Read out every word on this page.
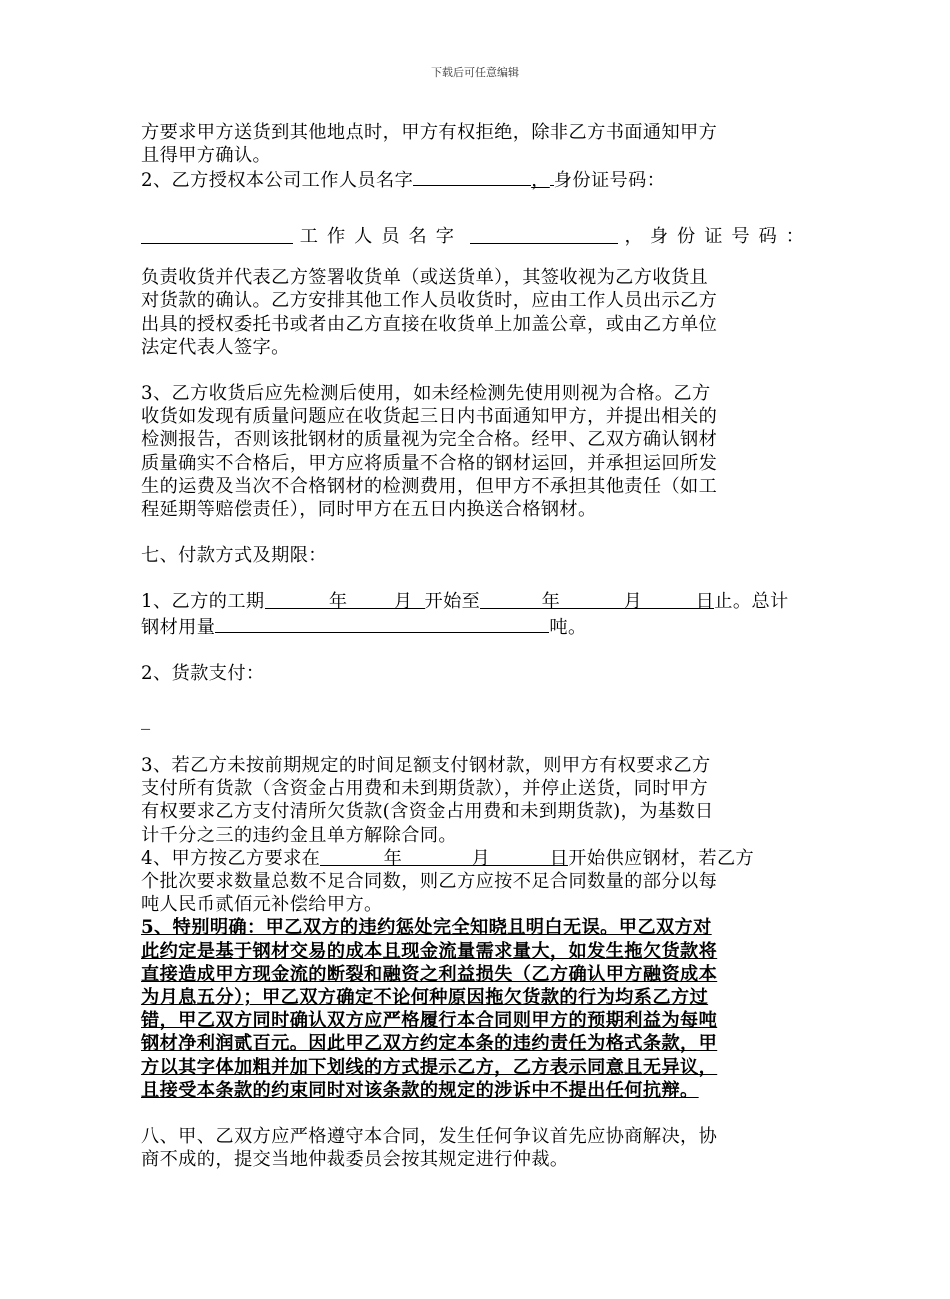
下载后可任意编辑

方要求甲方送货到其他地点时，甲方有权拒绝，除非乙方书面通知甲方

且得甲方确认。

2、乙方授权本公司工作人员名字	， 身份证号码：

工作人员名字	， 身份证号码：

负责收货并代表乙方签署收货单（或送货单），其签收视为乙方收货且

对货款的确认。乙方安排其他工作人员收货时，应由工作人员出示乙方

出具的授权委托书或者由乙方直接在收货单上加盖公章，或由乙方单位

法定代表人签字。

3、乙方收货后应先检测后使用，如未经检测先使用则视为合格。乙方

收货如发现有质量问题应在收货起三日内书面通知甲方，并提出相关的

检测报告，否则该批钢材的质量视为完全合格。经甲、乙双方确认钢材

质量确实不合格后，甲方应将质量不合格的钢材运回，并承担运回所发

生的运费及当次不合格钢材的检测费用，但甲方不承担其他责任（如工

程延期等赔偿责任），同时甲方在五日内换送合格钢材。

七、付款方式及期限：

1、乙方的工期	年	月 开始至	年	月	日止。总计

钢材用量	吨。

2、货款支付：

_

3、若乙方未按前期规定的时间足额支付钢材款，则甲方有权要求乙方

支付所有货款（含资金占用费和未到期货款），并停止送货，同时甲方

有权要求乙方支付清所欠货款(含资金占用费和未到期货款)，为基数日

计千分之三的违约金且单方解除合同。

4、甲方按乙方要求在	年	月	日开始供应钢材，若乙方

个批次要求数量总数不足合同数，则乙方应按不足合同数量的部分以每

吨人民币贰佰元补偿给甲方。

5、特别明确：甲乙双方的违约惩处完全知晓且明白无误。甲乙双方对

此约定是基于钢材交易的成本且现金流量需求量大，如发生拖欠货款将

直接造成甲方现金流的断裂和融资之利益损失（乙方确认甲方融资成本

为月息五分）；甲乙双方确定不论何种原因拖欠货款的行为均系乙方过

错，甲乙双方同时确认双方应严格履行本合同则甲方的预期利益为每吨

钢材净利润贰百元。因此甲乙双方约定本条的违约责任为格式条款，甲

方以其字体加粗并加下划线的方式提示乙方，乙方表示同意且无异议，

且接受本条款的约束同时对该条款的规定的涉诉中不提出任何抗辩。

八、甲、乙双方应严格遵守本合同，发生任何争议首先应协商解决，协

商不成的，提交当地仲裁委员会按其规定进行仲裁。
